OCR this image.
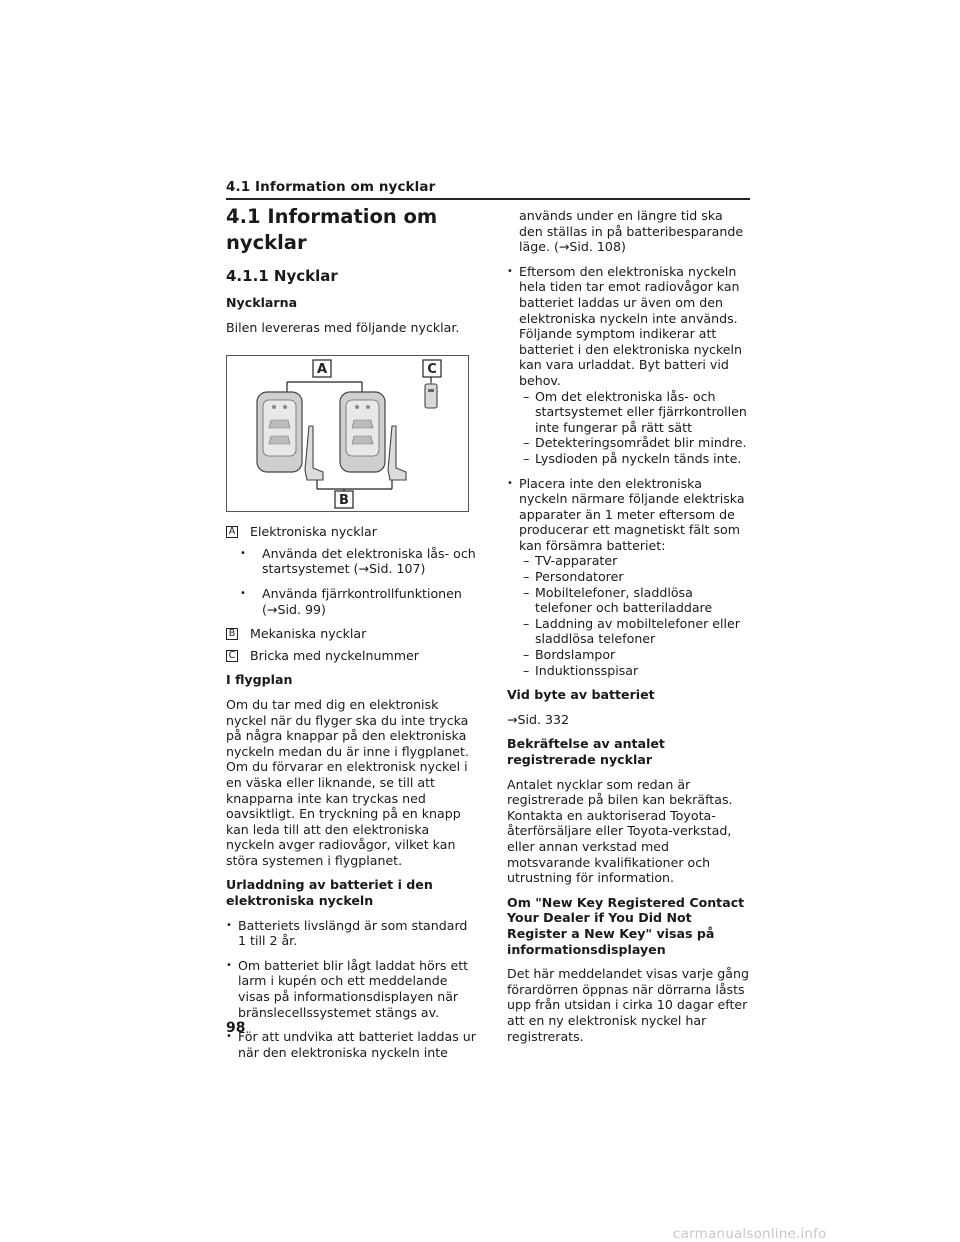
4.1 Information om nycklar
4.1 Information om nycklar
4.1.1 Nycklar
Nycklarna
Bilen levereras med följande nycklar.
A	C
B
A Elektroniska nycklar
• Använda det elektroniska lås- och startsystemet (→Sid. 107)
• Använda fjärrkontrollfunktionen (→Sid. 99)
B Mekaniska nycklar
C Bricka med nyckelnummer
I flygplan
Om du tar med dig en elektronisk nyckel när du flyger ska du inte trycka på några knappar på den elektroniska nyckeln medan du är inne i flygplanet. Om du förvarar en elektronisk nyckel i en väska eller liknande, se till att knapparna inte kan tryckas ned oavsiktligt. En tryckning på en knapp kan leda till att den elektroniska nyckeln avger radiovågor, vilket kan störa systemen i flygplanet.
Urladdning av batteriet i den elektroniska nyckeln
• Batteriets livslängd är som standard 1 till 2 år.
• Om batteriet blir lågt laddat hörs ett larm i kupén och ett meddelande visas på informationsdisplayen när bränslecellssystemet stängs av.
• För att undvika att batteriet laddas ur när den elektroniska nyckeln inte
används under en längre tid ska den ställas in på batteribesparande läge. (→Sid. 108)
• Eftersom den elektroniska nyckeln hela tiden tar emot radiovågor kan batteriet laddas ur även om den elektroniska nyckeln inte används. Följande symptom indikerar att batteriet i den elektroniska nyckeln kan vara urladdat. Byt batteri vid behov.
– Om det elektroniska lås- och startsystemet eller fjärrkontrollen inte fungerar på rätt sätt
– Detekteringsområdet blir mindre.
– Lysdioden på nyckeln tänds inte.
• Placera inte den elektroniska nyckeln närmare följande elektriska apparater än 1 meter eftersom de producerar ett magnetiskt fält som kan försämra batteriet:
– TV-apparater
– Persondatorer
– Mobiltelefoner, sladdlösa telefoner och batteriladdare
– Laddning av mobiltelefoner eller sladdlösa telefoner
– Bordslampor
– Induktionsspisar
Vid byte av batteriet
→Sid. 332
Bekräftelse av antalet registrerade nycklar
Antalet nycklar som redan är registrerade på bilen kan bekräftas. Kontakta en auktoriserad Toyota-återförsäljare eller Toyota-verkstad, eller annan verkstad med motsvarande kvalifikationer och utrustning för information.
Om "New Key Registered Contact Your Dealer if You Did Not Register a New Key" visas på informationsdisplayen
Det här meddelandet visas varje gång förardörren öppnas när dörrarna låsts upp från utsidan i cirka 10 dagar efter att en ny elektronisk nyckel har registrerats.
98
carmanualsonline.info
